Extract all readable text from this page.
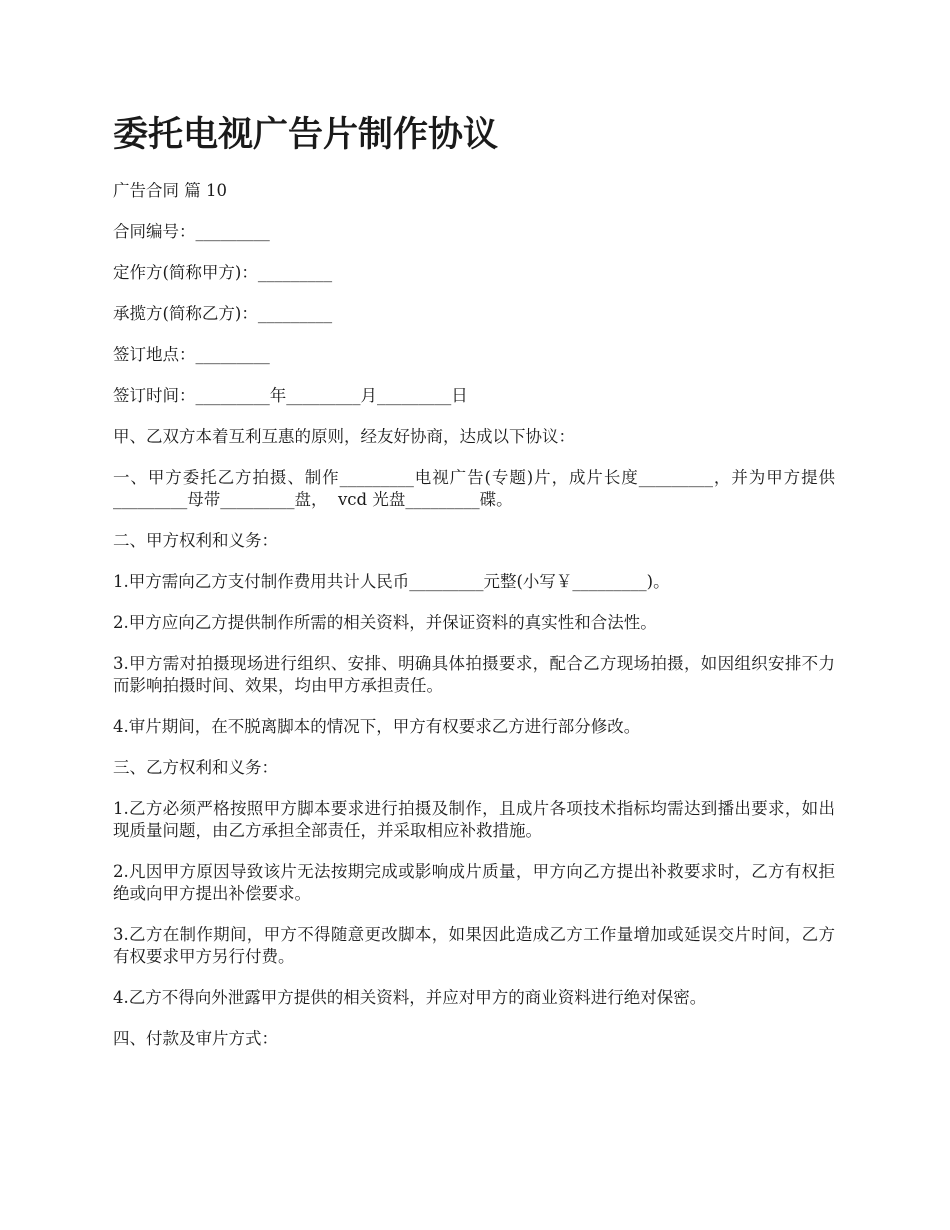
委托电视广告片制作协议

广告合同 篇 10

合同编号：_________

定作方(简称甲方)：_________

承揽方(简称乙方)：_________

签订地点：_________

签订时间：_________年_________月_________日

甲、乙双方本着互利互惠的原则，经友好协商，达成以下协议：

一、甲方委托乙方拍摄、制作_________电视广告(专题)片，成片长度_________，并为甲方提供_________母带_________盘，  vcd 光盘_________碟。

二、甲方权利和义务：

1.甲方需向乙方支付制作费用共计人民币_________元整(小写￥_________)。

2.甲方应向乙方提供制作所需的相关资料，并保证资料的真实性和合法性。

3.甲方需对拍摄现场进行组织、安排、明确具体拍摄要求，配合乙方现场拍摄，如因组织安排不力而影响拍摄时间、效果，均由甲方承担责任。

4.审片期间，在不脱离脚本的情况下，甲方有权要求乙方进行部分修改。

三、乙方权利和义务：

1.乙方必须严格按照甲方脚本要求进行拍摄及制作，且成片各项技术指标均需达到播出要求，如出现质量问题，由乙方承担全部责任，并采取相应补救措施。

2.凡因甲方原因导致该片无法按期完成或影响成片质量，甲方向乙方提出补救要求时，乙方有权拒绝或向甲方提出补偿要求。

3.乙方在制作期间，甲方不得随意更改脚本，如果因此造成乙方工作量增加或延误交片时间，乙方有权要求甲方另行付费。

4.乙方不得向外泄露甲方提供的相关资料，并应对甲方的商业资料进行绝对保密。

四、付款及审片方式：
